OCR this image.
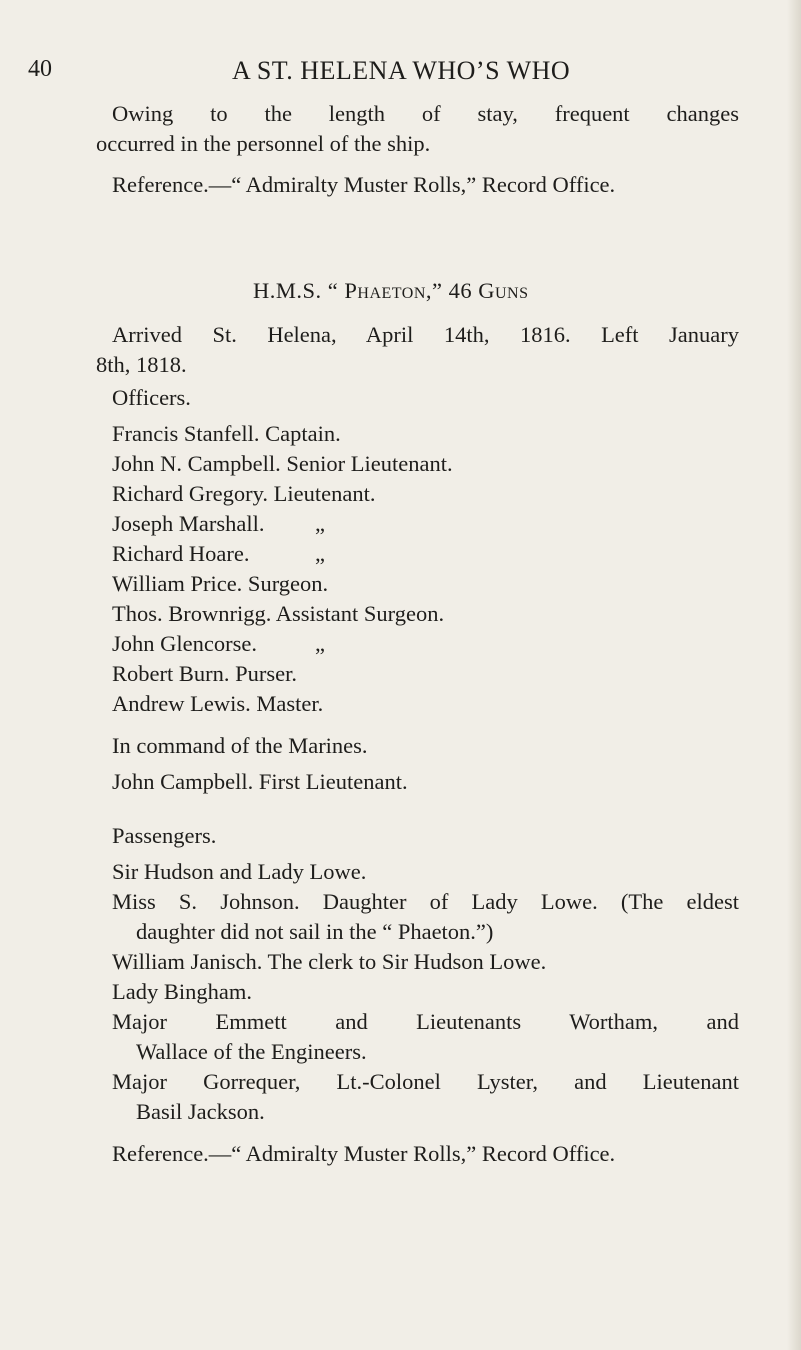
40	A ST. HELENA WHO’S WHO
Owing to the length of stay, frequent changes
occurred in the personnel of the ship.
Reference.—“ Admiralty Muster Rolls,” Record Office.
H.M.S. “ Phaeton,” 46 Guns
Arrived St. Helena, April 14th, 1816. Left January
8th, 1818.
Officers.
Francis Stanfell. Captain.
John N. Campbell. Senior Lieutenant.
Richard Gregory. Lieutenant.
Joseph Marshall. „
Richard Hoare.	„
William Price. Surgeon.
Thos. Brownrigg. Assistant Surgeon.
John Glencorse.	„
Robert Burn. Purser.
Andrew Lewis. Master.
In command of the Marines.
John Campbell. First Lieutenant.
Passengers.
Sir Hudson and Lady Lowe.
Miss S. Johnson. Daughter of Lady Lowe. (The eldest
daughter did not sail in the “ Phaeton.”)
William Janisch. The clerk to Sir Hudson Lowe.
Lady Bingham.
Major Emmett and Lieutenants Wortham, and
Wallace of the Engineers.
Major Gorrequer, Lt.-Colonel Lyster, and Lieutenant
Basil Jackson.
Reference.—“ Admiralty Muster Rolls,” Record Office.
